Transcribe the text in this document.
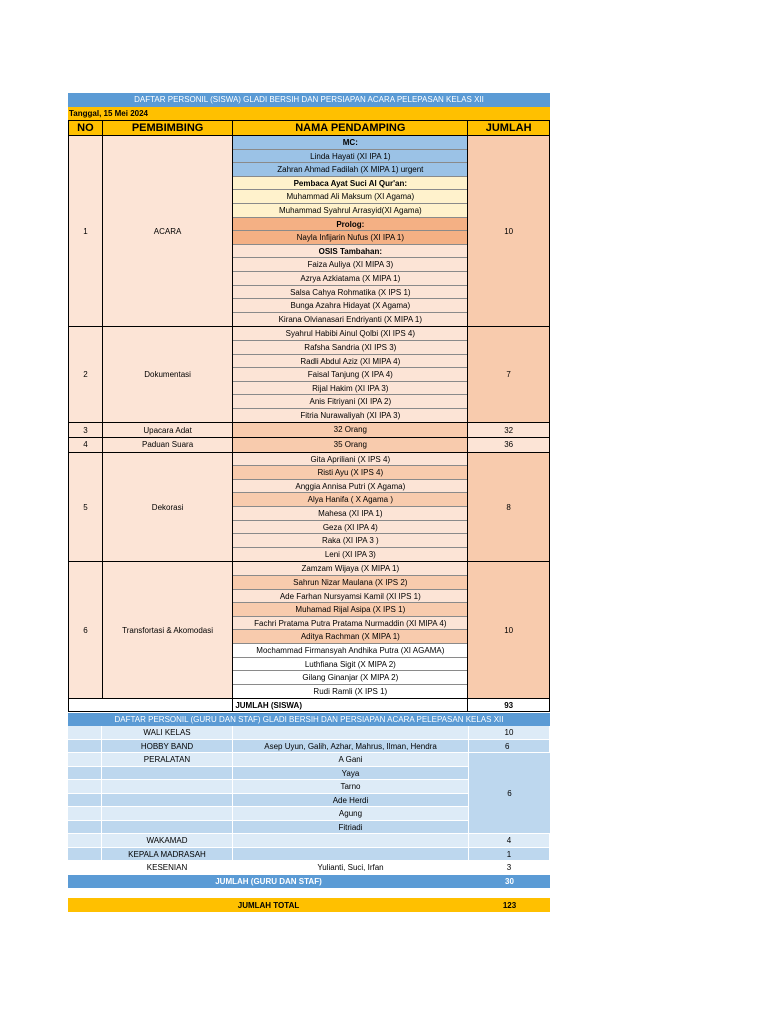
DAFTAR PERSONIL (SISWA) GLADI BERSIH DAN PERSIAPAN ACARA PELEPASAN KELAS XII
Tanggal, 15 Mei 2024
NO	PEMBIMBING	NAMA PENDAMPING	JUMLAH
1	ACARA
MC:
Linda Hayati (XI IPA 1)
Zahran Ahmad Fadilah (X MIPA 1) urgent
Pembaca Ayat Suci Al Qur'an:
Muhammad Ali Maksum (XI Agama)
Muhammad Syahrul Arrasyid(XI Agama)
Prolog:
Nayla Infijarin Nufus (XI IPA 1)
OSIS Tambahan:
Faiza Auliya (XI MIPA 3)
Azrya Azkiatama (X MIPA 1)
Salsa Cahya Rohmatika (X IPS 1)
Bunga Azahra Hidayat (X Agama)
Kirana Olvianasari Endriyanti (X MIPA 1)
10
2	Dokumentasi
Syahrul Habibi Ainul Qolbi (XI IPS 4)
Rafsha Sandria (XI IPS 3)
Radli Abdul Aziz (XI MIPA 4)
Faisal Tanjung (X IPA 4)
Rijal Hakim (XI IPA 3)
Anis Fitriyani (XI IPA 2)
Fitria Nurawaliyah (XI IPA 3)
7
3	Upacara Adat	32 Orang	32
4	Paduan Suara	35 Orang	36
5	Dekorasi
Gita Apriliani (X IPS 4)
Risti Ayu (X IPS 4)
Anggia Annisa Putri (X Agama)
Alya Hanifa ( X Agama )
Mahesa (XI IPA 1)
Geza (XI IPA 4)
Raka (XI IPA 3 )
Leni (XI IPA 3)
8
6	Transfortasi & Akomodasi
Zamzam Wijaya (X MIPA 1)
Sahrun Nizar Maulana (X IPS 2)
Ade Farhan Nursyamsi Kamil (XI IPS 1)
Muhamad Rijal Asipa (X IPS 1)
Fachri Pratama Putra Pratama Nurmaddin (XI MIPA 4)
Aditya Rachman (X MIPA 1)
Mochammad Firmansyah Andhika Putra (XI AGAMA)
Luthfiana Sigit (X MIPA 2)
Gilang Ginanjar (X MIPA 2)
Rudi Ramli (X IPS 1)
10
JUMLAH (SISWA)	93
DAFTAR PERSONIL (GURU DAN STAF) GLADI BERSIH DAN PERSIAPAN ACARA PELEPASAN KELAS XII
WALI KELAS	10
HOBBY BAND	Asep Uyun, Galih, Azhar, Mahrus, Ilman, Hendra	6
PERALATAN	A Gani
Yaya
Tarno
Ade Herdi
Agung
Fitriadi
6
WAKAMAD	4
KEPALA MADRASAH	1
KESENIAN	Yulianti, Suci, Irfan	3
JUMLAH (GURU DAN STAF)	30
JUMLAH TOTAL	123
